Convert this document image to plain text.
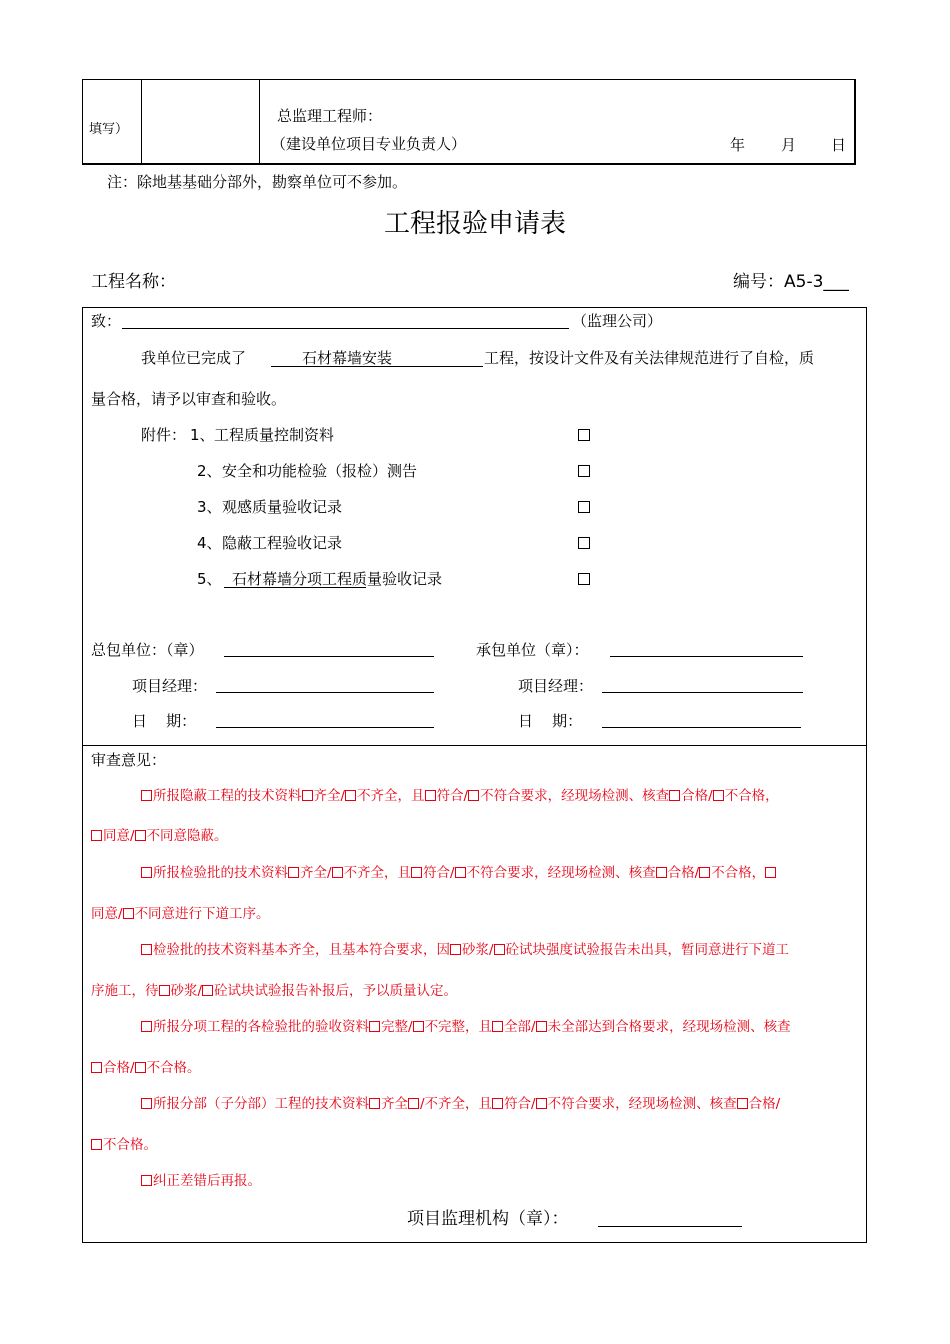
填写）
总监理工程师：
（建设单位项目专业负责人）	年 月 日
注：除地基基础分部外，勘察单位可不参加。
工程报验申请表
工程名称：	编号：A5-3___
致：	（监理公司）
我单位已完成了	石材幕墙安装	工程，按设计文件及有关法律规范进行了自检，质
量合格，请予以审查和验收。
附件： 1、 工程质量控制资料
2、 安全和功能检验（报检）测告
3、 观感质量验收记录
4、 隐蔽工程验收记录
5、 石材幕墙分项工程质量验收记录
总包单位：（章）	承包单位（章）：
项目经理：	项目经理：
日    期：	日    期：
审查意见：
所报隐蔽工程的技术资料 齐全/ 不齐全，且 符合/ 不符合要求，经现场检测、核查 合格/ 不合格，
同意/ 不同意隐蔽。
所报检验批的技术资料 齐全/ 不齐全，且 符合/ 不符合要求，经现场检测、核查 合格/ 不合格，
同意/ 不同意进行下道工序。
检验批的技术资料基本齐全，且基本符合要求，因 砂浆/ 砼试块强度试验报告未出具，暂同意进行下道工
序施工，待 砂浆/ 砼试块试验报告补报后，予以质量认定。
所报分项工程的各检验批的验收资料 完整/ 不完整，且 全部/ 未全部达到合格要求，经现场检测、核查
合格/ 不合格。
所报分部（子分部）工程的技术资料 齐全 /不齐全，且 符合/ 不符合要求，经现场检测、核查 合格/
不合格。
纠正差错后再报。
项目监理机构（章）：
